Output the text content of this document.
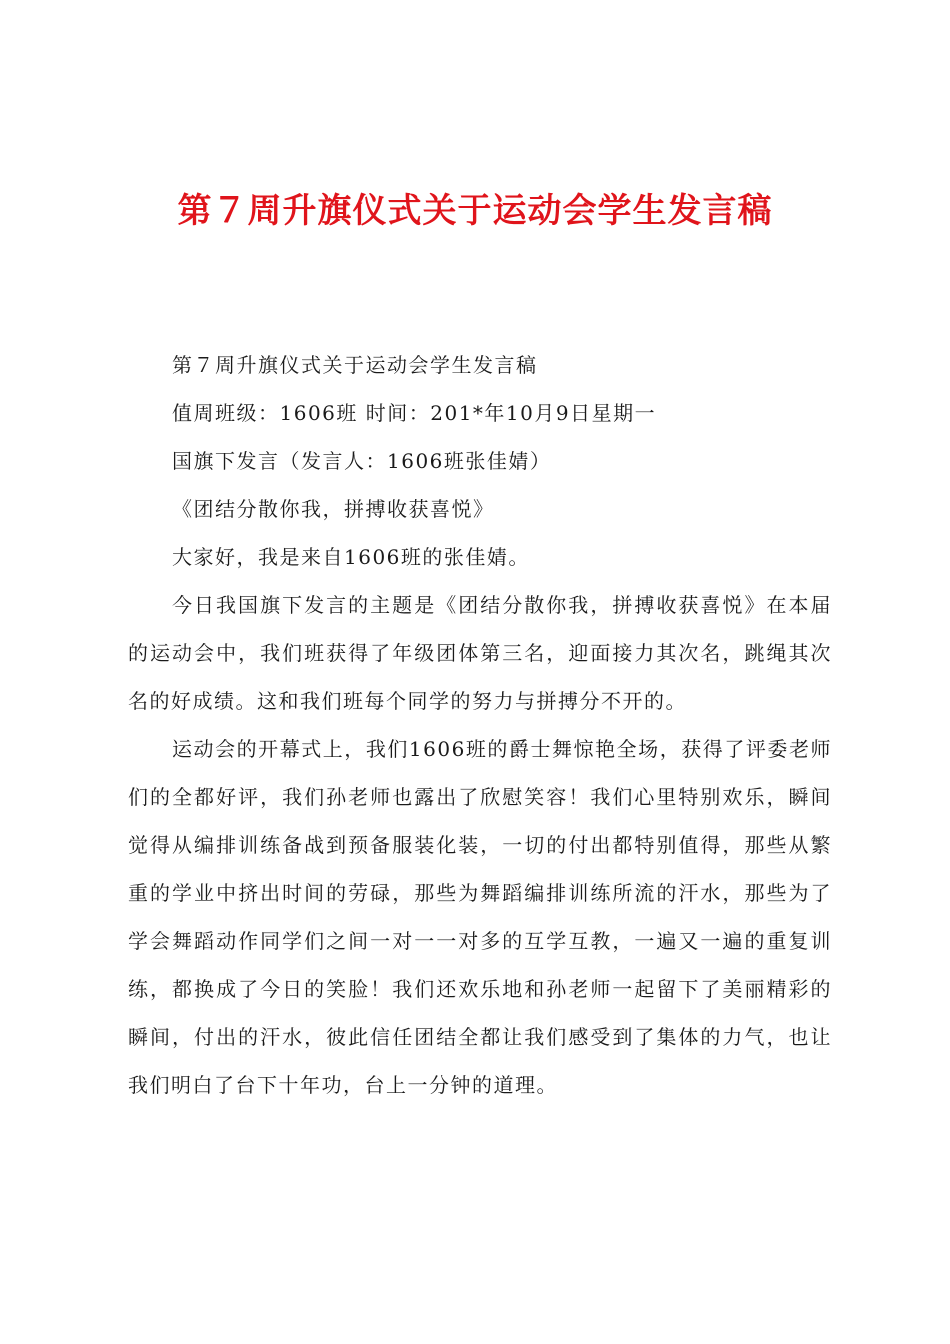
第７周升旗仪式关于运动会学生发言稿

第７周升旗仪式关于运动会学生发言稿

值周班级：1606班 时间：201*年10月9日星期一

国旗下发言（发言人：1606班张佳婧）

《团结分散你我，拼搏收获喜悦》

大家好，我是来自1606班的张佳婧。

今日我国旗下发言的主题是《团结分散你我，拼搏收获喜悦》在本届的运动会中，我们班获得了年级团体第三名，迎面接力其次名，跳绳其次名的好成绩。这和我们班每个同学的努力与拼搏分不开的。

运动会的开幕式上，我们1606班的爵士舞惊艳全场，获得了评委老师们的全都好评，我们孙老师也露出了欣慰笑容！我们心里特别欢乐，瞬间觉得从编排训练备战到预备服装化装，一切的付出都特别值得，那些从繁重的学业中挤出时间的劳碌，那些为舞蹈编排训练所流的汗水，那些为了学会舞蹈动作同学们之间一对一一对多的互学互教，一遍又一遍的重复训练，都换成了今日的笑脸！我们还欢乐地和孙老师一起留下了美丽精彩的瞬间，付出的汗水，彼此信任团结全都让我们感受到了集体的力气，也让我们明白了台下十年功，台上一分钟的道理。
